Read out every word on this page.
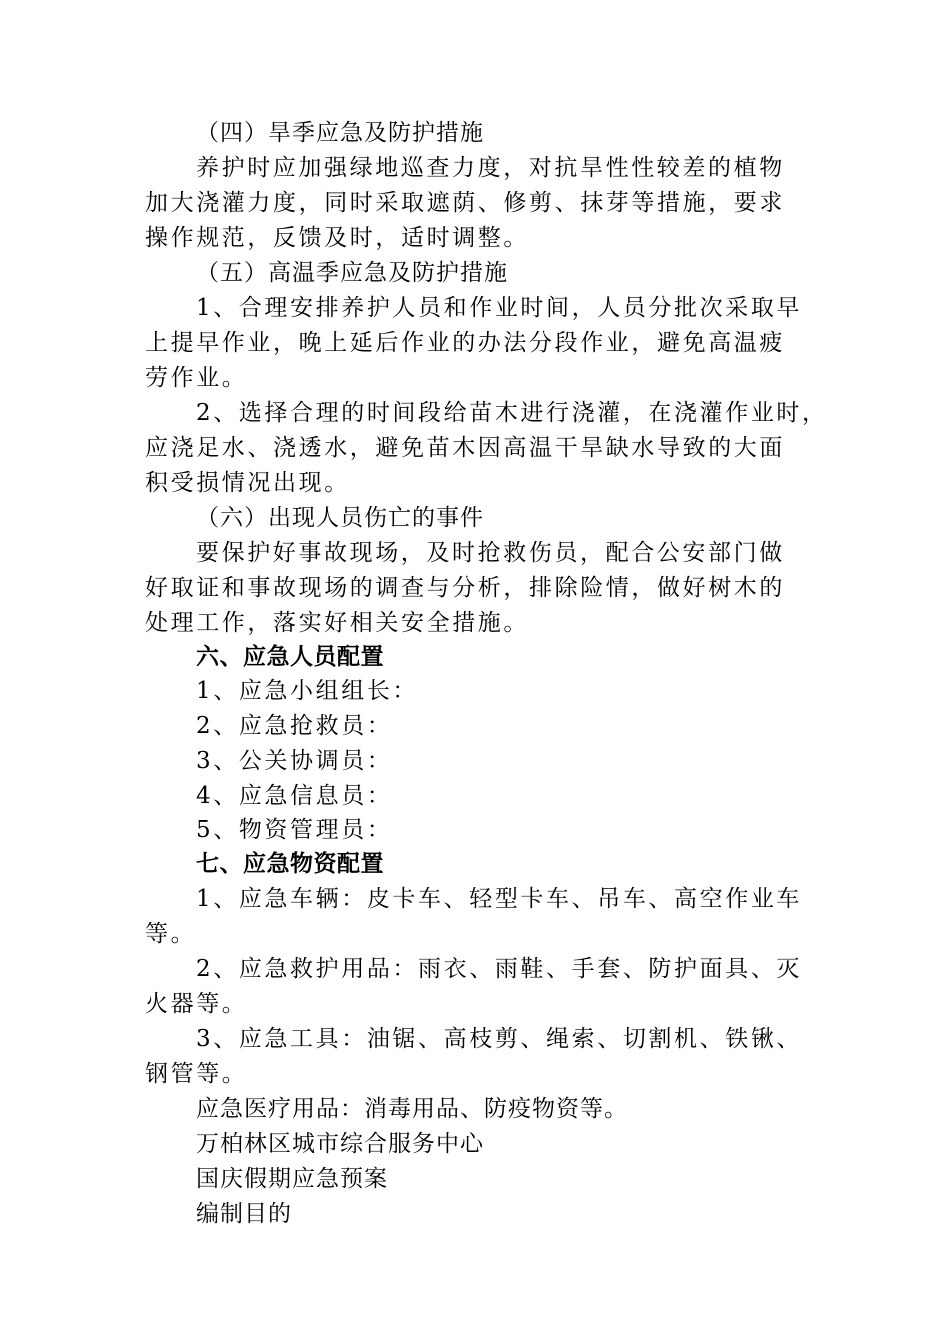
（四）旱季应急及防护措施
养护时应加强绿地巡查力度，对抗旱性性较差的植物
加大浇灌力度，同时采取遮荫、修剪、抹芽等措施，要求
操作规范，反馈及时，适时调整。
（五）高温季应急及防护措施
1、合理安排养护人员和作业时间，人员分批次采取早
上提早作业，晚上延后作业的办法分段作业，避免高温疲
劳作业。
2、选择合理的时间段给苗木进行浇灌，在浇灌作业时，
应浇足水、浇透水，避免苗木因高温干旱缺水导致的大面
积受损情况出现。
（六）出现人员伤亡的事件
要保护好事故现场，及时抢救伤员，配合公安部门做
好取证和事故现场的调查与分析，排除险情，做好树木的
处理工作，落实好相关安全措施。
六、应急人员配置
1、应急小组组长：
2、应急抢救员：
3、公关协调员：
4、应急信息员：
5、物资管理员：
七、应急物资配置
1、应急车辆：皮卡车、轻型卡车、吊车、高空作业车
等。
2、应急救护用品：雨衣、雨鞋、手套、防护面具、灭
火器等。
3、应急工具：油锯、高枝剪、绳索、切割机、铁锹、
钢管等。
应急医疗用品：消毒用品、防疫物资等。
万柏林区城市综合服务中心
国庆假期应急预案
编制目的
